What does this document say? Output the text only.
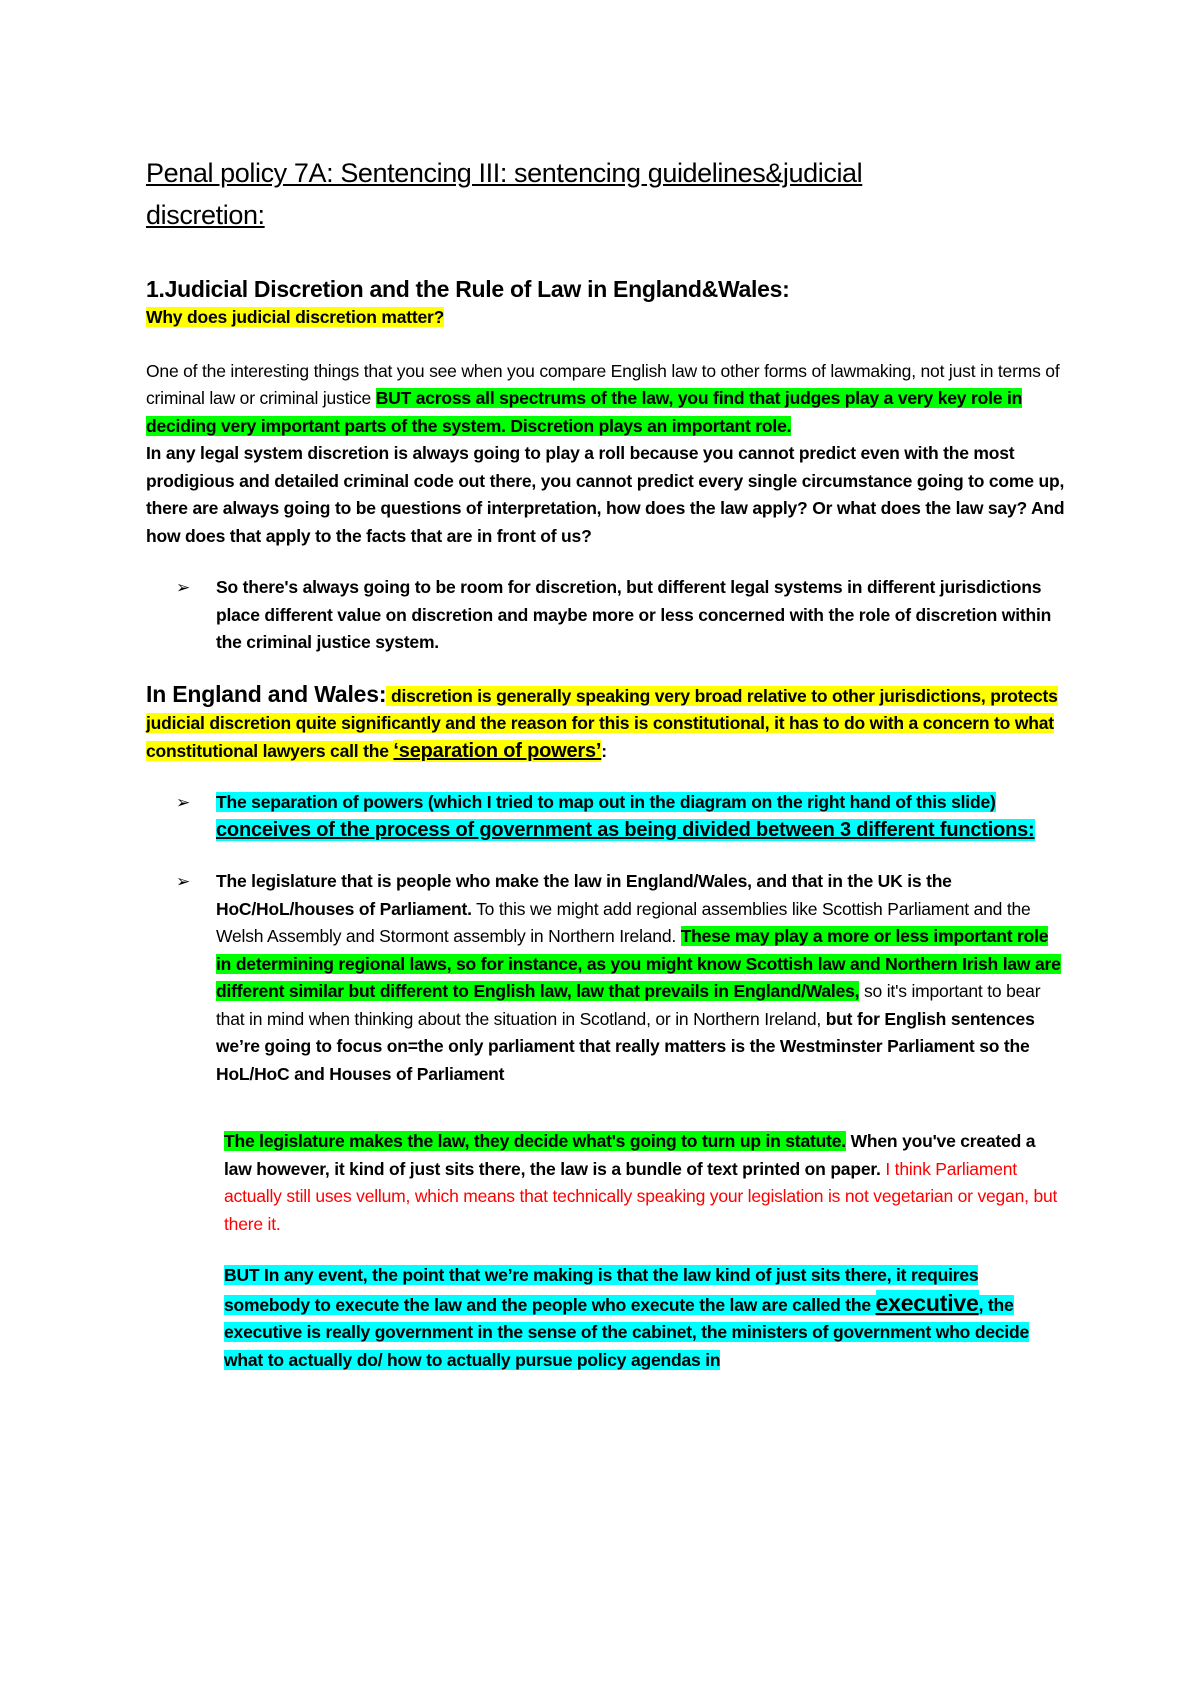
Penal policy 7A: Sentencing III: sentencing guidelines&judicial
discretion:
1.Judicial Discretion and the Rule of Law in England&Wales:

Why does judicial discretion matter?

One of the interesting things that you see when you compare English law to other forms of lawmaking, not just in terms of criminal law or criminal justice BUT across all spectrums of the law, you find that judges play a very key role in deciding very important parts of the system. Discretion plays an important role.

In any legal system discretion is always going to play a roll because you cannot predict even with the most prodigious and detailed criminal code out there, you cannot predict every single circumstance going to come up, there are always going to be questions of interpretation, how does the law apply? Or what does the law say? And how does that apply to the facts that are in front of us?

➢	So there's always going to be room for discretion, but different legal systems in different jurisdictions place different value on discretion and maybe more or less concerned with the role of discretion within the criminal justice system.

In England and Wales: discretion is generally speaking very broad relative to other jurisdictions, protects judicial discretion quite significantly and the reason for this is constitutional, it has to do with a concern to what constitutional lawyers call the ‘separation of powers’:

➢	The separation of powers (which I tried to map out in the diagram on the right hand of this slide) conceives of the process of government as being divided between 3 different functions:
➢	The legislature that is people who make the law in England/Wales, and that in the UK is the HoC/HoL/houses of Parliament. To this we might add regional assemblies like Scottish Parliament and the Welsh Assembly and Stormont assembly in Northern Ireland. These may play a more or less important role in determining regional laws, so for instance, as you might know Scottish law and Northern Irish law are different similar but different to English law, law that prevails in England/Wales, so it's important to bear that in mind when thinking about the situation in Scotland, or in Northern Ireland, but for English sentences we’re going to focus on=the only parliament that really matters is the Westminster Parliament so the HoL/HoC and Houses of Parliament

The legislature makes the law, they decide what's going to turn up in statute. When you've created a law however, it kind of just sits there, the law is a bundle of text printed on paper. I think Parliament actually still uses vellum, which means that technically speaking your legislation is not vegetarian or vegan, but there it.

BUT In any event, the point that we’re making is that the law kind of just sits there, it requires somebody to execute the law and the people who execute the law are called the executive, the executive is really government in the sense of the cabinet, the ministers of government who decide what to actually do/ how to actually pursue policy agendas in
